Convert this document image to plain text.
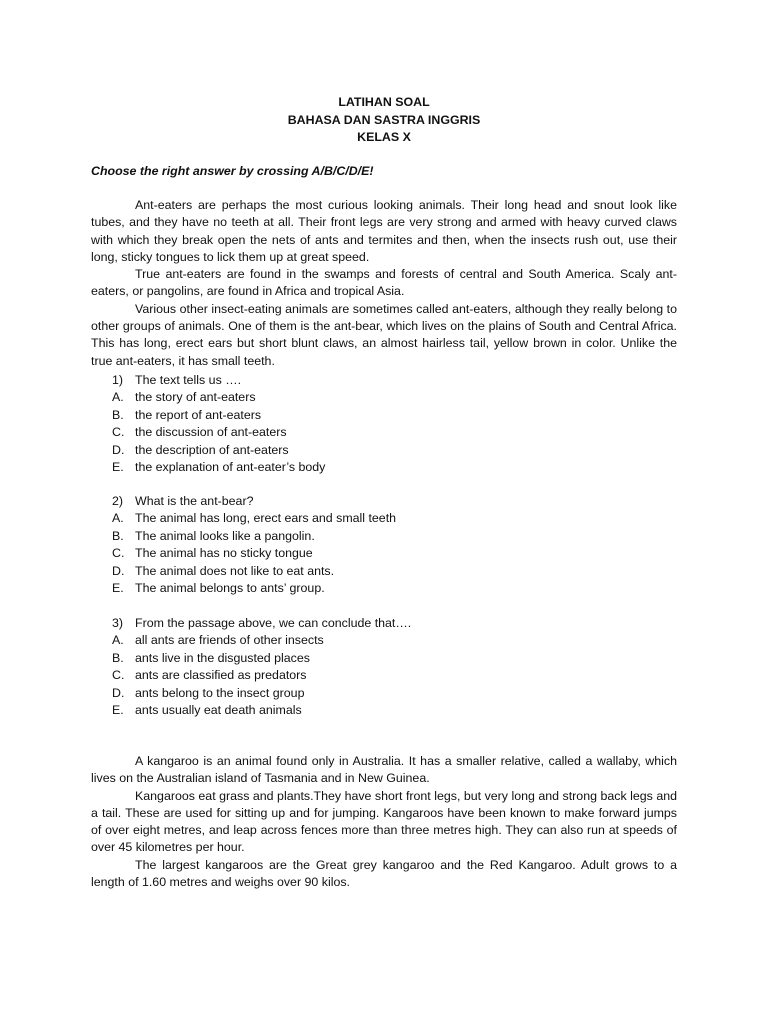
LATIHAN SOAL
BAHASA DAN SASTRA INGGRIS
KELAS X
Choose the right answer by crossing A/B/C/D/E!

Ant-eaters are perhaps the most curious looking animals. Their long head and snout look like tubes, and they have no teeth at all. Their front legs are very strong and armed with heavy curved claws with which they break open the nets of ants and termites and then, when the insects rush out, use their long, sticky tongues to lick them up at great speed.

True ant-eaters are found in the swamps and forests of central and South America. Scaly ant-eaters, or pangolins, are found in Africa and tropical Asia.

Various other insect-eating animals are sometimes called ant-eaters, although they really belong to other groups of animals. One of them is the ant-bear, which lives on the plains of South and Central Africa. This has long, erect ears but short blunt claws, an almost hairless tail, yellow brown in color. Unlike the true ant-eaters, it has small teeth.

1) The text tells us ….
A. the story of ant-eaters
B. the report of ant-eaters
C. the discussion of ant-eaters
D. the description of ant-eaters
E. the explanation of ant-eater’s body
2) What is the ant-bear?
A. The animal has long, erect ears and small teeth
B. The animal looks like a pangolin.
C. The animal has no sticky tongue
D. The animal does not like to eat ants.
E. The animal belongs to ants’ group.
3) From the passage above, we can conclude that….
A. all ants are friends of other insects
B. ants live in the disgusted places
C. ants are classified as predators
D. ants belong to the insect group
E. ants usually eat death animals

A kangaroo is an animal found only in Australia. It has a smaller relative, called a wallaby, which lives on the Australian island of Tasmania and in New Guinea.

Kangaroos eat grass and plants.They have short front legs, but very long and strong back legs and a tail. These are used for sitting up and for jumping. Kangaroos have been known to make forward jumps of over eight metres, and leap across fences more than three metres high. They can also run at speeds of over 45 kilometres per hour.

The largest kangaroos are the Great grey kangaroo and the Red Kangaroo. Adult grows to a length of 1.60 metres and weighs over 90 kilos.
